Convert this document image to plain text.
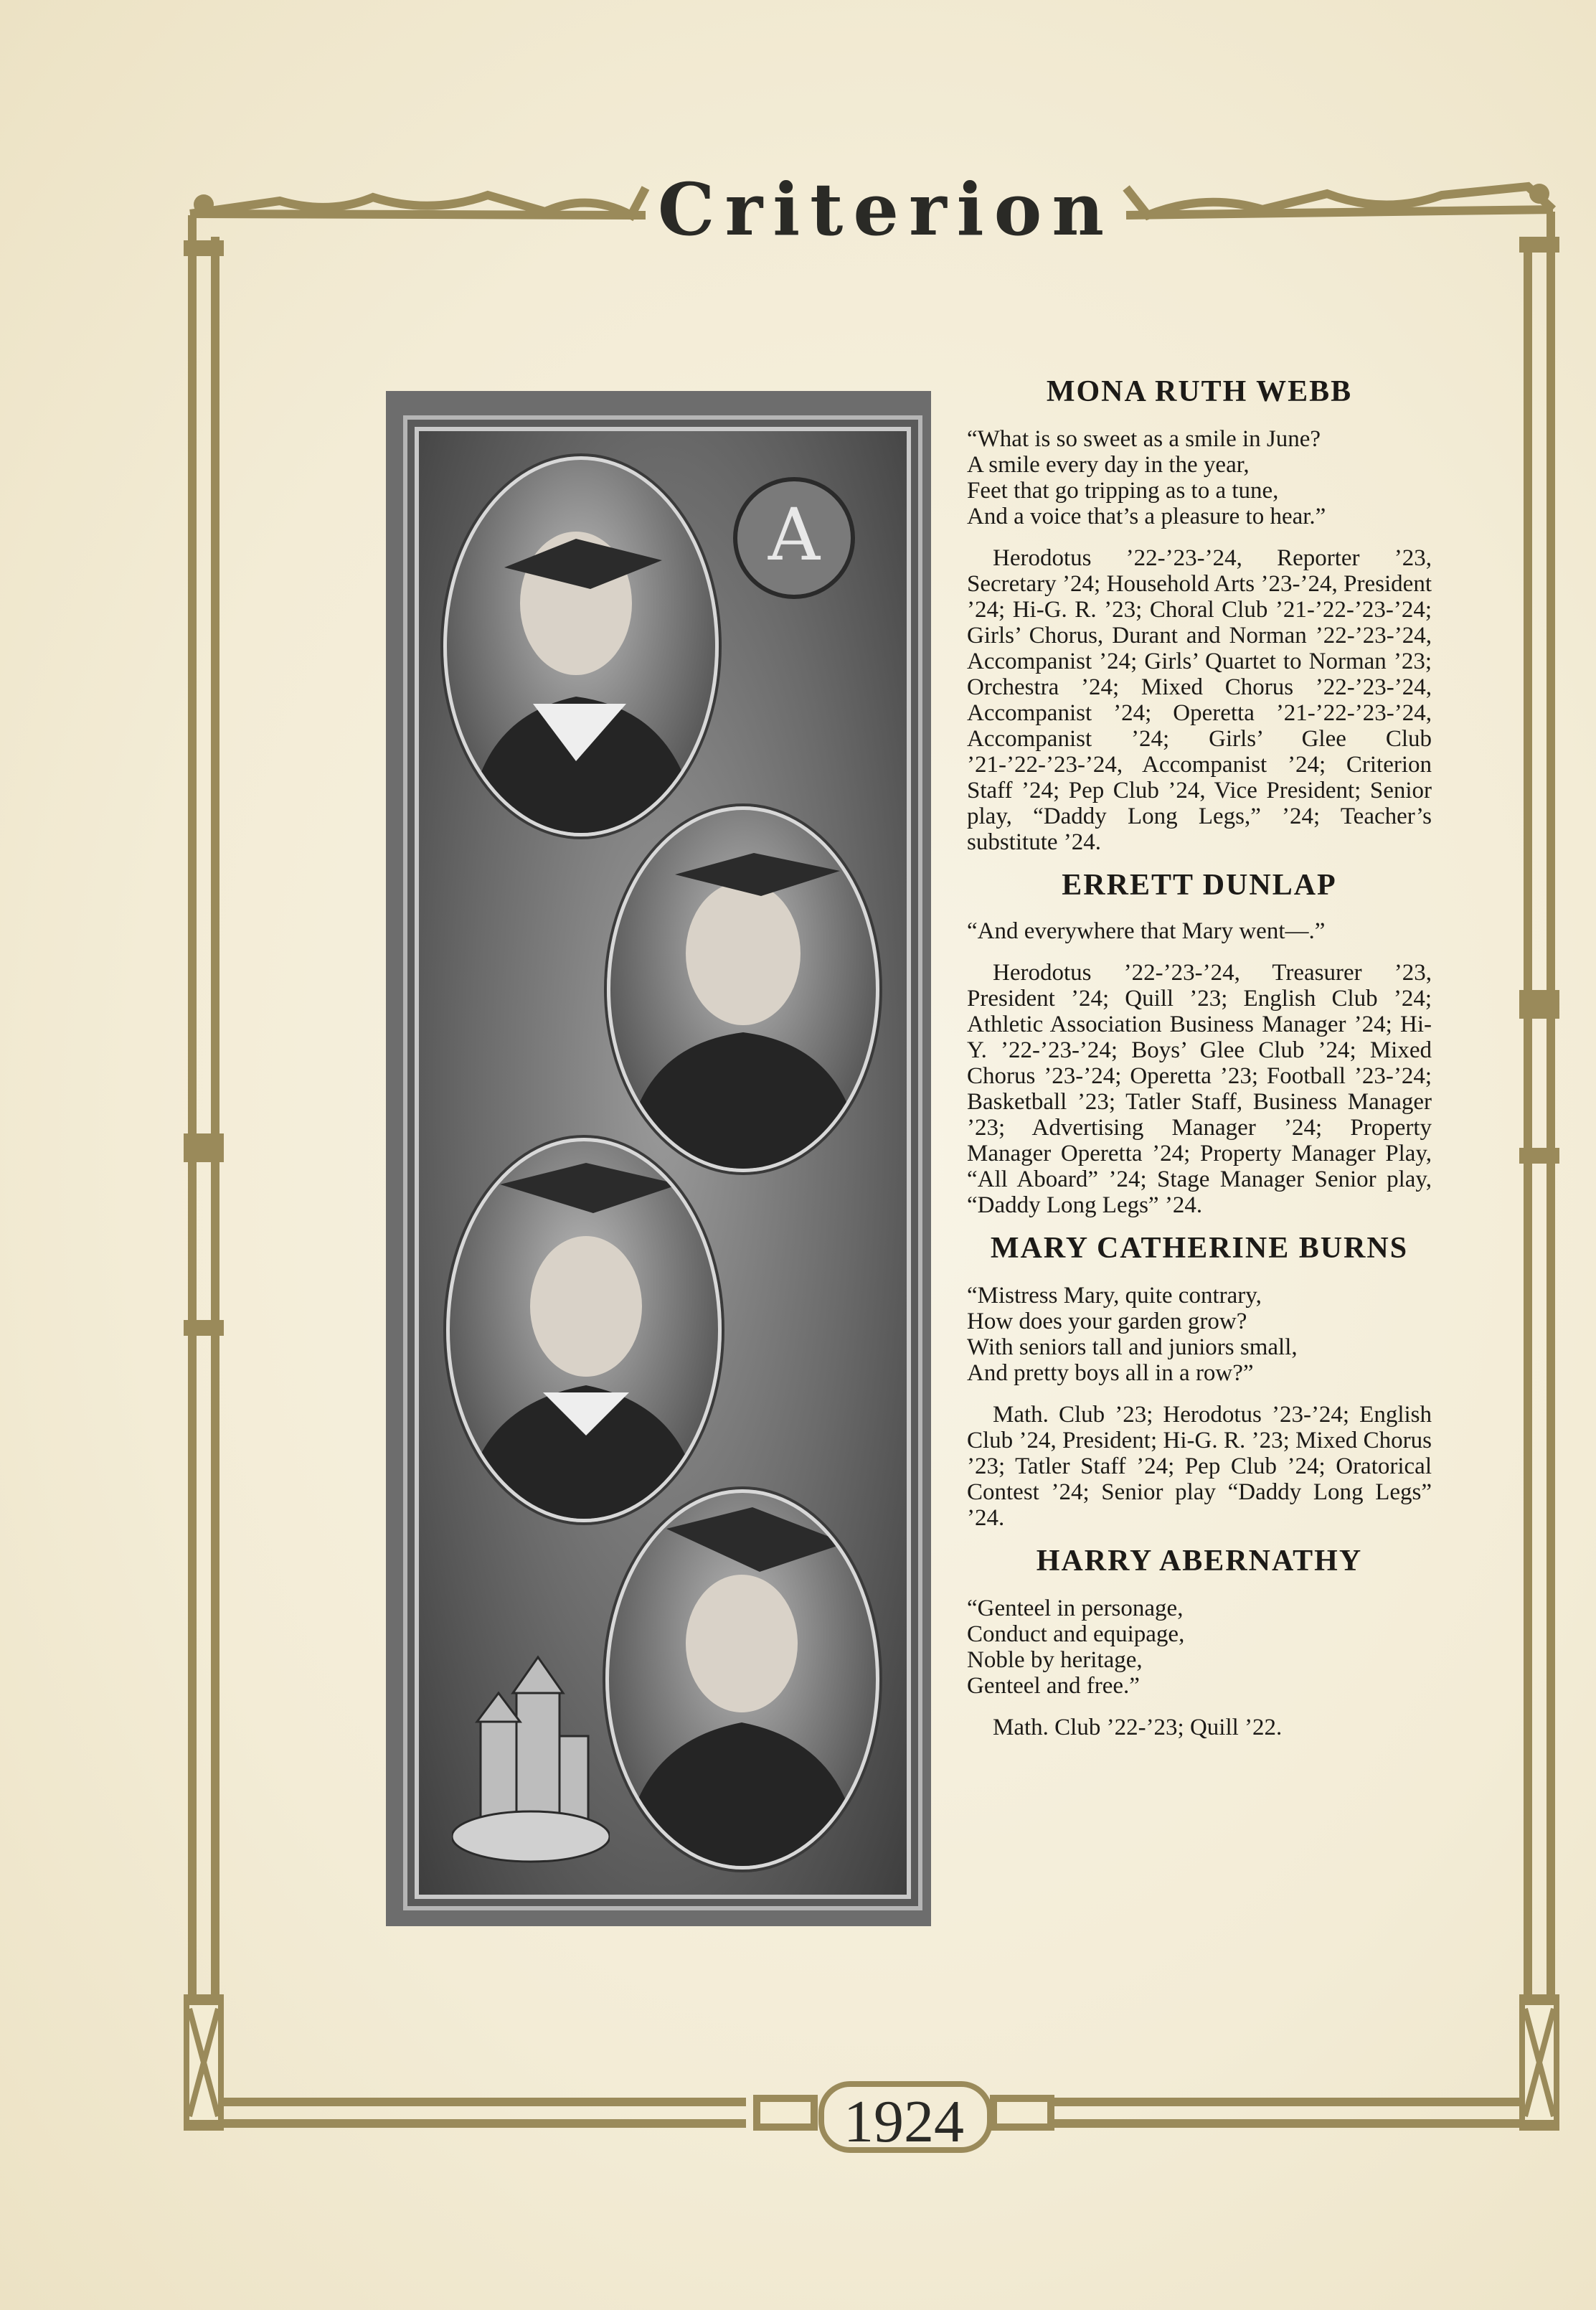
Criterion
1924
A
MONA RUTH WEBB

“What is so sweet as a smile in June?
A smile every day in the year,
Feet that go tripping as to a tune,
And a voice that’s a pleasure to hear.”

Herodotus ’22-’23-’24, Reporter ’23, Secretary ’24; Household Arts ’23-’24, President ’24; Hi-G. R. ’23; Choral Club ’21-’22-’23-’24; Girls’ Chorus, Durant and Norman ’22-’23-’24, Accompanist ’24; Girls’ Quartet to Norman ’23; Orchestra ’24; Mixed Chorus ’22-’23-’24, Accompanist ’24; Operetta ’21-’22-’23-’24, Accompanist ’24; Girls’ Glee Club ’21-’22-’23-’24, Accompanist ’24; Criterion Staff ’24; Pep Club ’24, Vice President; Senior play, “Daddy Long Legs,” ’24; Teacher’s substitute ’24.

ERRETT DUNLAP

“And everywhere that Mary went—.”

Herodotus ’22-’23-’24, Treasurer ’23, President ’24; Quill ’23; English Club ’24; Athletic Association Business Manager ’24; Hi-Y. ’22-’23-’24; Boys’ Glee Club ’24; Mixed Chorus ’23-’24; Operetta ’23; Football ’23-’24; Basketball ’23; Tatler Staff, Business Manager ’23; Advertising Manager ’24; Property Manager Operetta ’24; Property Manager Play, “All Aboard” ’24; Stage Manager Senior play, “Daddy Long Legs” ’24.

MARY CATHERINE BURNS

“Mistress Mary, quite contrary,
How does your garden grow?
With seniors tall and juniors small,
And pretty boys all in a row?”

Math. Club ’23; Herodotus ’23-’24; English Club ’24, President; Hi-G. R. ’23; Mixed Chorus ’23; Tatler Staff ’24; Pep Club ’24; Oratorical Contest ’24; Senior play “Daddy Long Legs” ’24.

HARRY ABERNATHY

“Genteel in personage,
Conduct and equipage,
Noble by heritage,
Genteel and free.”

Math. Club ’22-’23; Quill ’22.
